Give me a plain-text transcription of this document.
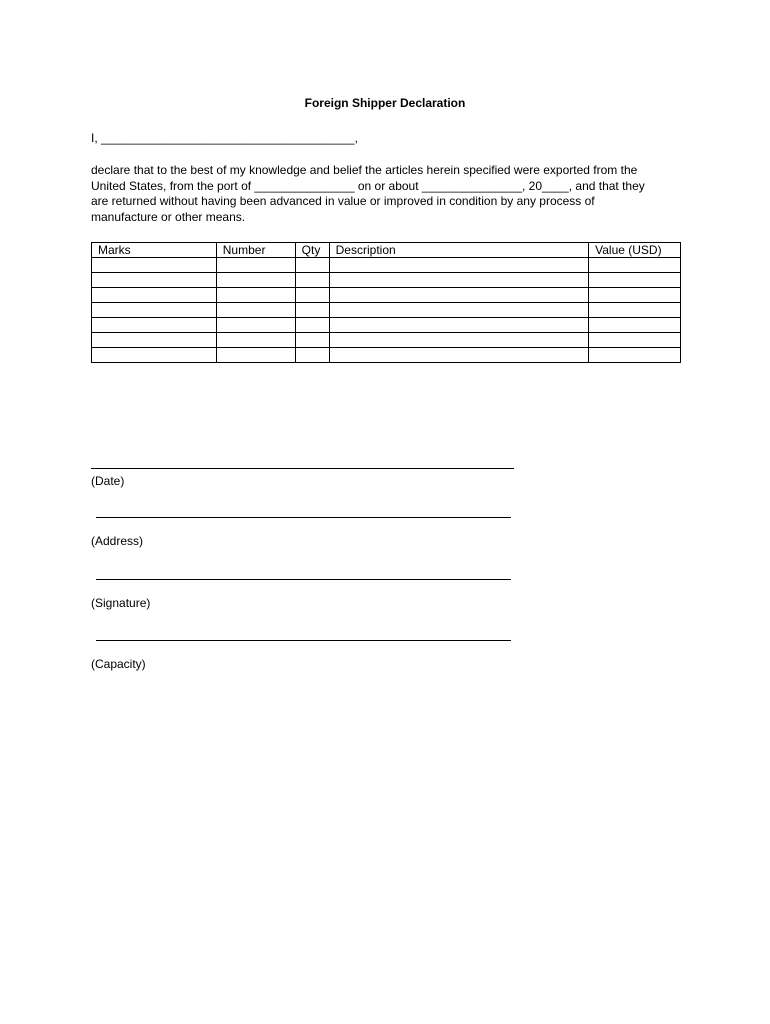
Foreign Shipper Declaration
I, ______________________________________,
declare that to the best of my knowledge and belief the articles herein specified were exported from the
United States, from the port of _______________ on or about _______________, 20____, and that they
are returned without having been advanced in value or improved in condition by any process of
manufacture or other means.
Marks	Number	Qty	Description	Value (USD)

(Date)
(Address)
(Signature)
(Capacity)
